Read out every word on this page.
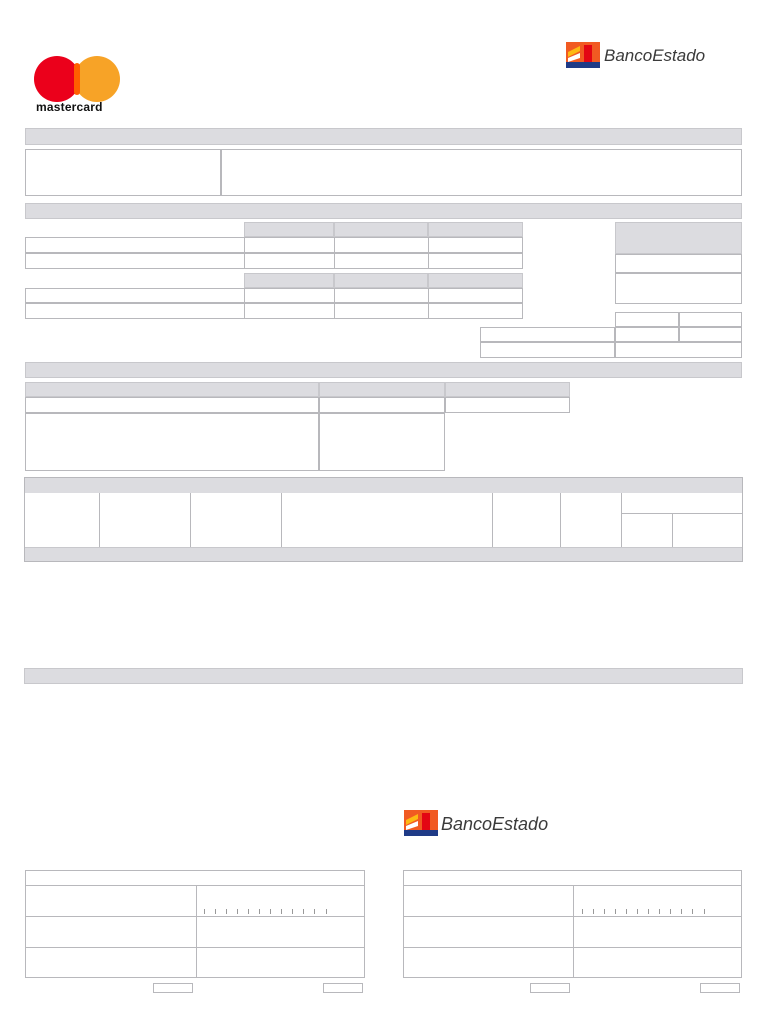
mastercard
BancoEstado
BancoEstado
